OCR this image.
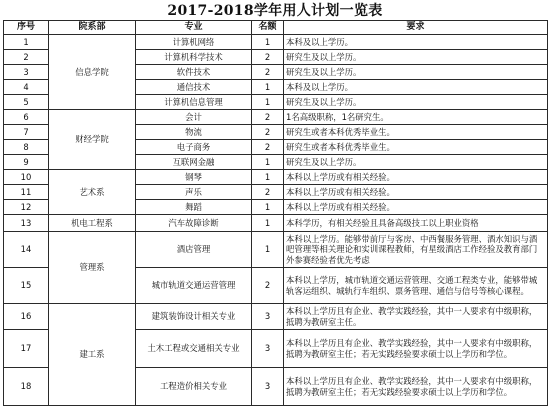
2017-2018学年用人计划一览表
序号	院系部	专业	名额	要求
1	信息学院	计算机网络	1	本科及以上学历。
2		计算机科学技术	2	研究生及以上学历。
3		软件技术	2	研究生及以上学历。
4		通信技术	1	本科及以上学历。
5		计算机信息管理	1	研究生及以上学历。
6	财经学院	会计	2	1名高级职称，1名研究生。
7		物流	2	研究生或者本科优秀毕业生。
8		电子商务	2	研究生或者本科优秀毕业生。
9		互联网金融	1	研究生及以上学历。
10	艺术系	钢琴	1	本科以上学历或有相关经验。
11		声乐	2	本科以上学历或有相关经验。
12		舞蹈	1	本科以上学历或有相关经验。
13	机电工程系	汽车故障诊断	1	本科学历，有相关经验且具备高级技工以上职业资格
14	管理系	酒店管理	1	本科以上学历。能够带前厅与客房、中西餐服务管理、酒水知识与酒吧管理等相关理论和实训课程教师，有星级酒店工作经验及教育部门外参赛经验者优先考虑
15		城市轨道交通运营管理	2	本科以上学历，城市轨道交通运营管理、交通工程类专业，能够带城轨客运组织、城轨行车组织、票务管理、通信与信号等核心课程。
16	建工系	建筑装饰设计相关专业	3	本科以上学历且有企业、教学实践经验，其中一人要求有中级职称，抵聘为教研室主任。
17		土木工程或交通相关专业	3	本科以上学历且有企业、教学实践经验，其中一人要求有中级职称，抵聘为教研室主任；若无实践经验要求硕士以上学历和学位。
18		工程造价相关专业	3	本科以上学历且有企业、教学实践经验，其中一人要求有中级职称，抵聘为教研室主任；若无实践经验要求硕士以上学历和学位。
